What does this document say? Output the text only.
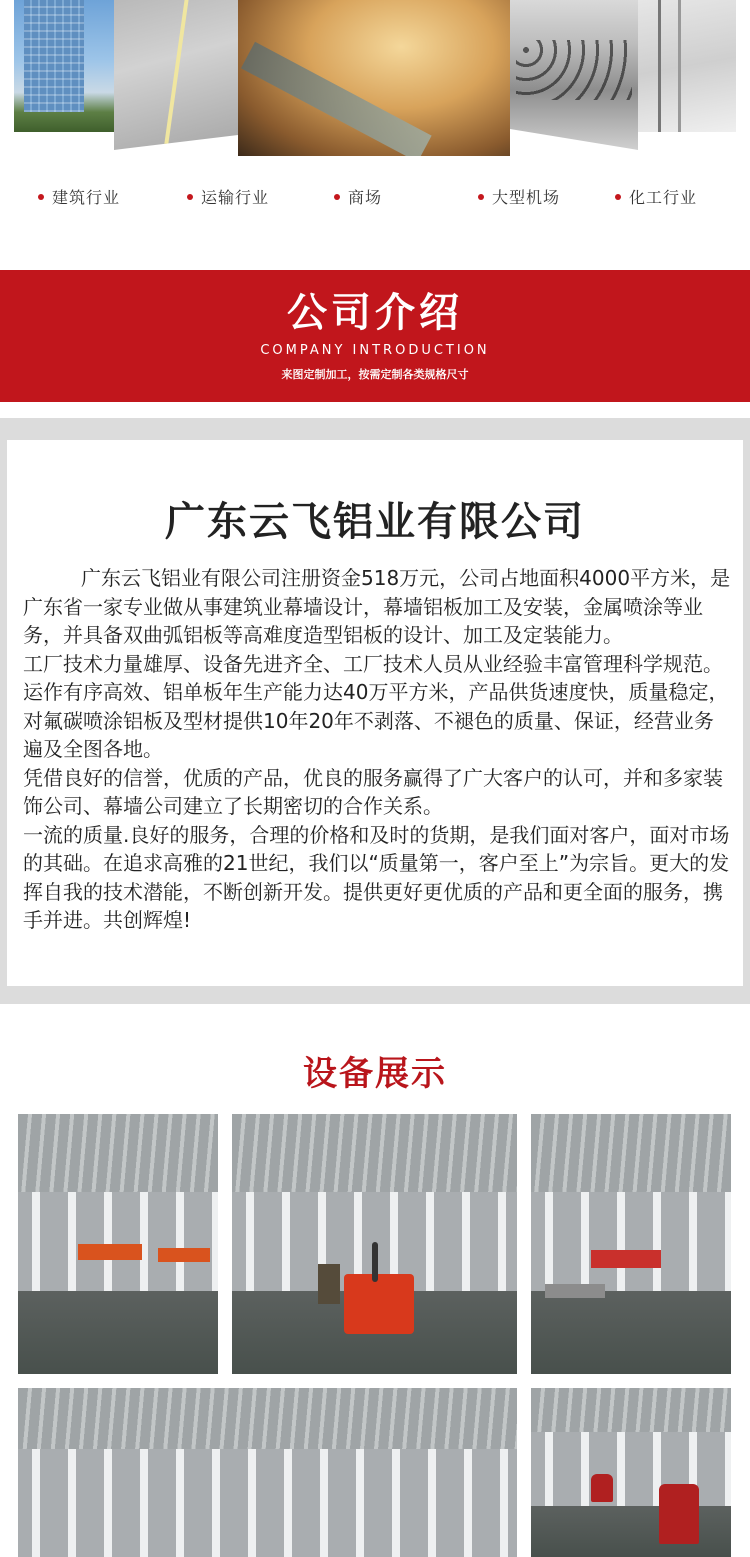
建筑行业	运输行业	商场	大型机场	化工行业
公司介绍
COMPANY INTRODUCTION
来图定制加工，按需定制各类规格尺寸
广东云飞铝业有限公司

广东云飞铝业有限公司注册资金518万元，公司占地面积4000平方米，是广东省一家专业做从事建筑业幕墙设计，幕墙铝板加工及安装，金属喷涂等业务，并具备双曲弧铝板等高难度造型铝板的设计、加工及定装能力。

工厂技术力量雄厚、设备先进齐全、工厂技术人员从业经验丰富管理科学规范。运作有序高效、铝单板年生产能力达40万平方米，产品供货速度快，质量稳定，对氟碳喷涂铝板及型材提供10年20年不剥落、不褪色的质量、保证，经营业务遍及全图各地。

凭借良好的信誉，优质的产品，优良的服务赢得了广大客户的认可，并和多家装饰公司、幕墙公司建立了长期密切的合作关系。

一流的质量.良好的服务，合理的价格和及时的货期，是我们面对客户，面对市场的其础。在追求高雅的21世纪，我们以“质量第一，客户至上”为宗旨。更大的发挥自我的技术潜能，不断创新开发。提供更好更优质的产品和更全面的服务，携手并进。共创辉煌!

设备展示
